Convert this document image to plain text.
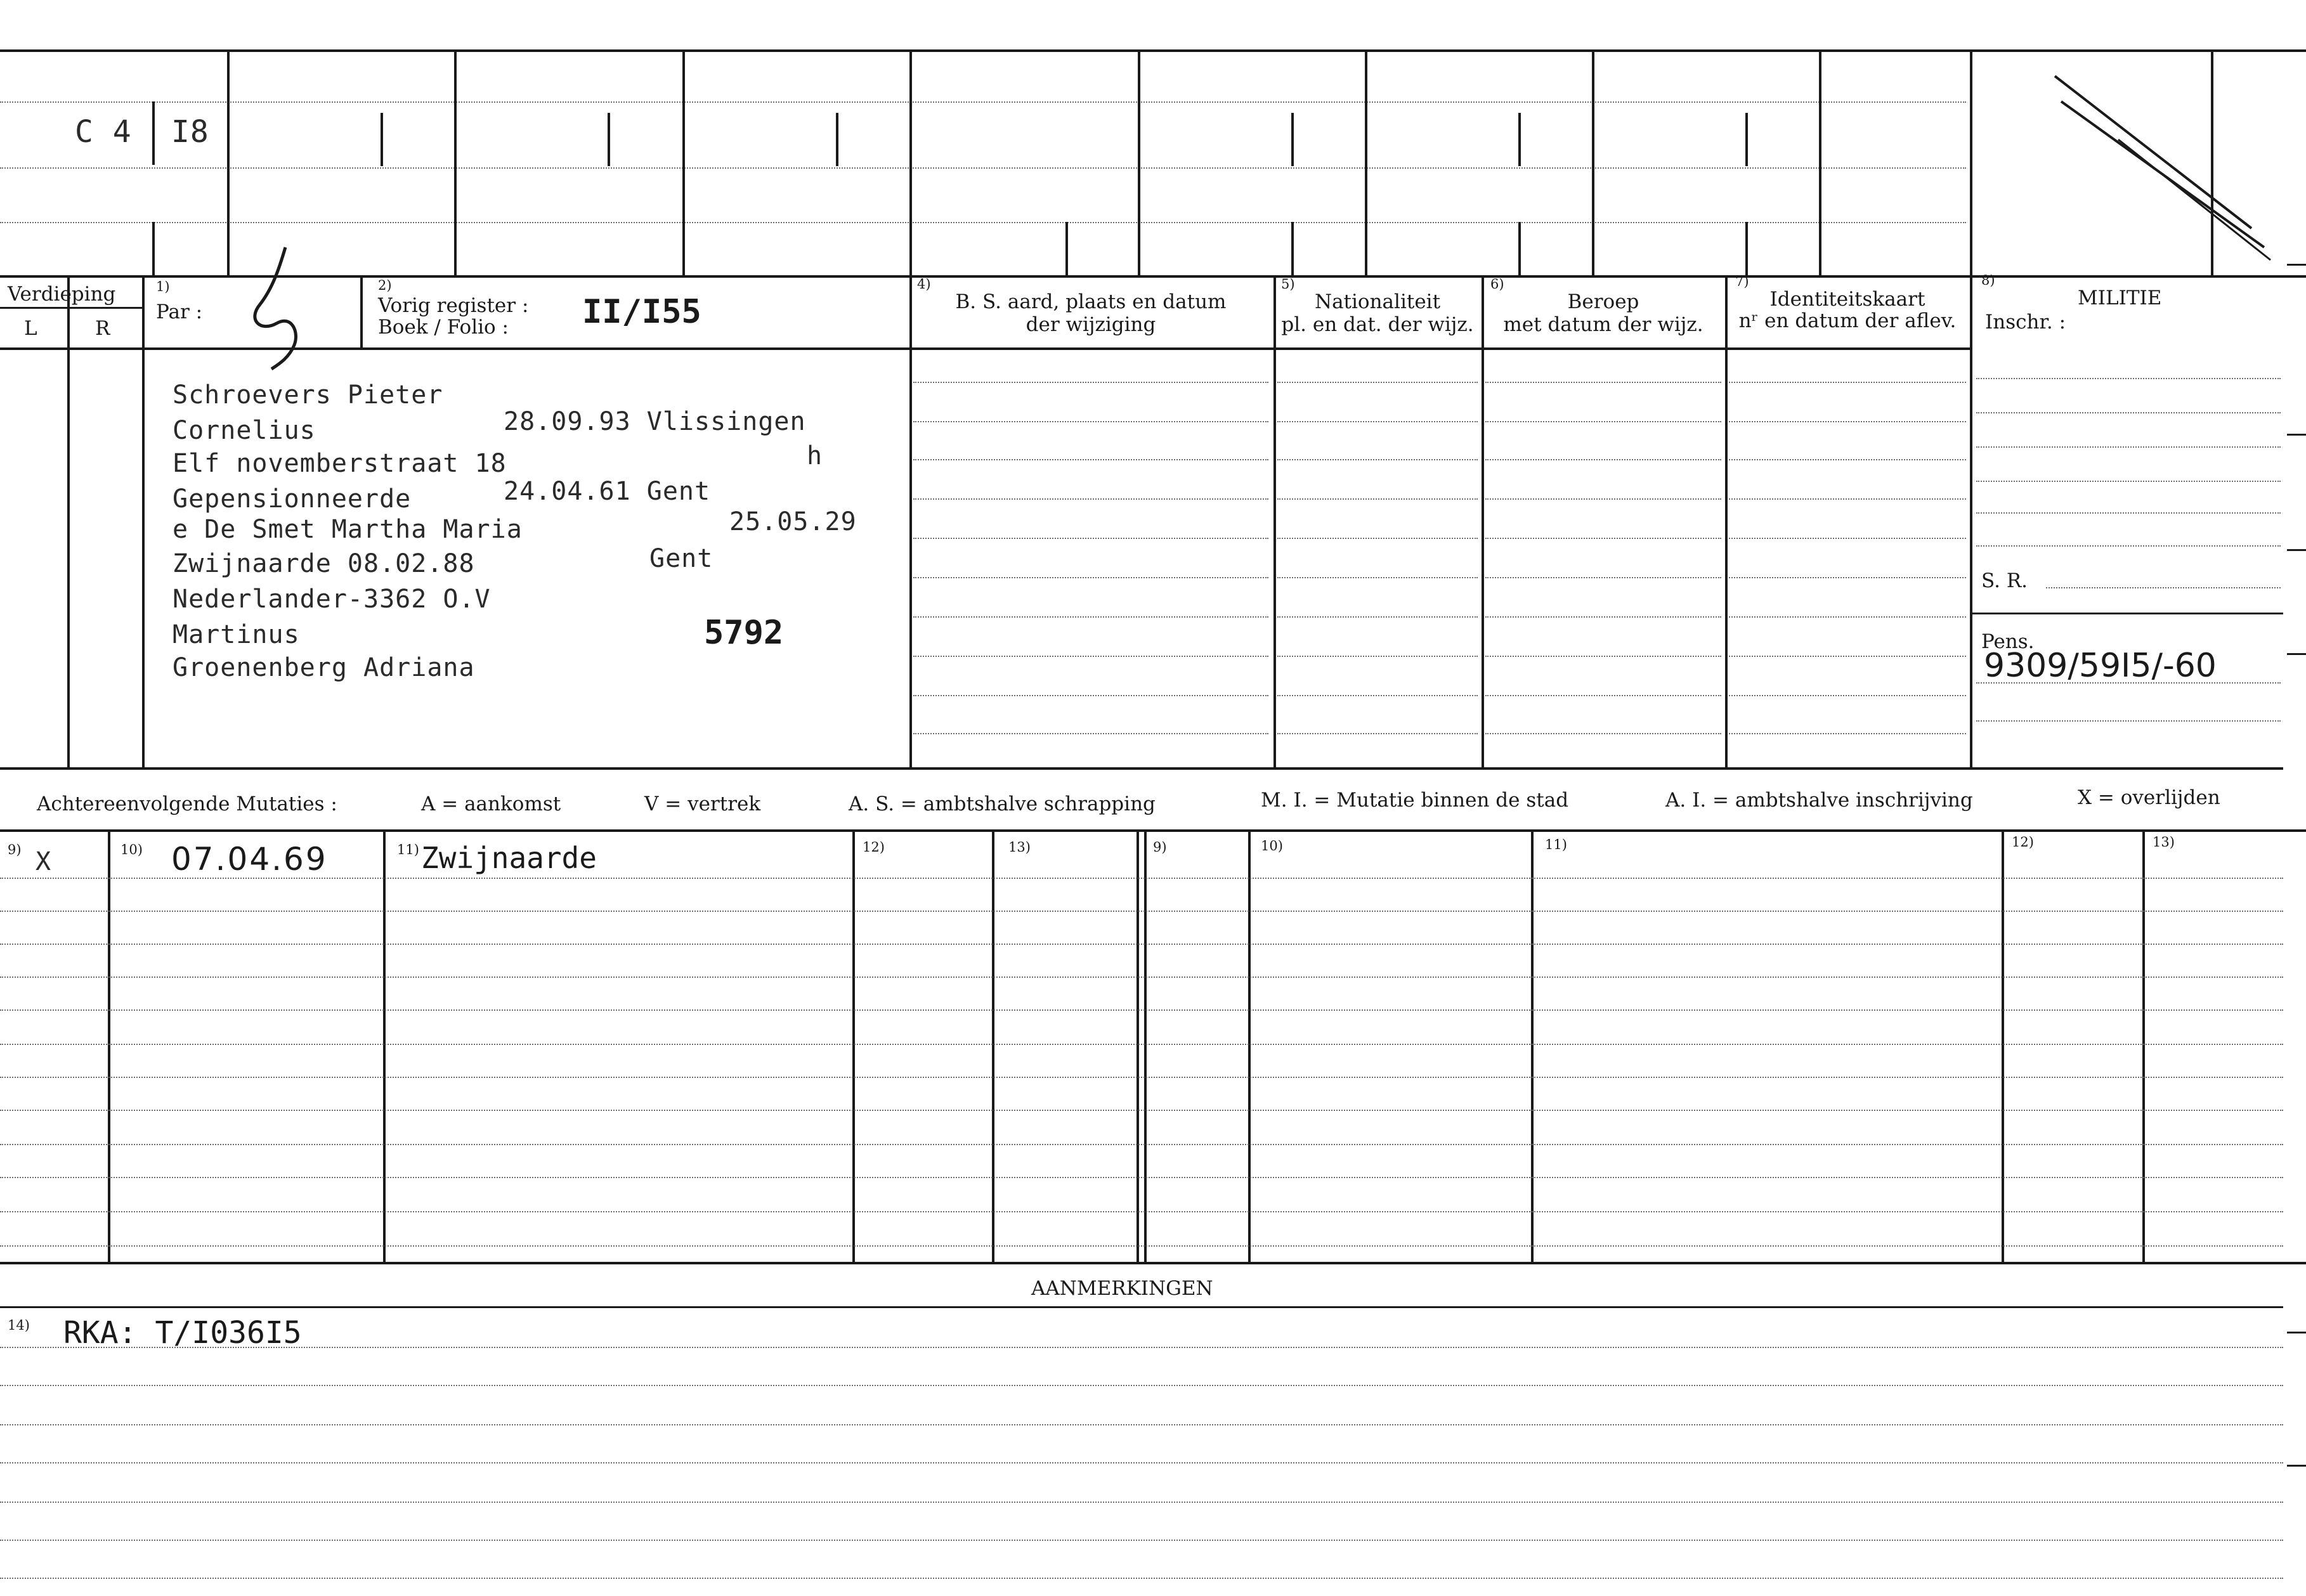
C 4 I8
Verdieping
L	R
1)
Par :
2)
Vorig register :
Boek / Folio : II/I55
4)
B. S. aard, plaats en datum
der wijziging
5)
Nationaliteit
pl. en dat. der wijz.
6)
Beroep
met datum der wijz.
7)
Identiteitskaart
nʳ en datum der aflev.
8)
MILITIE
Inschr. :
Schroevers Pieter
Cornelius	28.09.93 Vlissingen
Elf novemberstraat 18	h
Gepensionneerde	24.04.61 Gent
e De Smet Martha Maria	25.05.29
Zwijnaarde 08.02.88	Gent
Nederlander-3362 O.V
Martinus	5792
Groenenberg Adriana
S. R.
Pens.
9309/59I5/-60
Achtereenvolgende Mutaties :	A = aankomst	V = vertrek	A. S. = ambtshalve schrapping	M. I. = Mutatie binnen de stad	A. I. = ambtshalve inschrijving	X = overlijden
9)	10)	11)	12)	13)	9)	10)	11)	12)	13)
X	07.04.69	Zwijnaarde
AANMERKINGEN
14) RKA: T/I036I5
